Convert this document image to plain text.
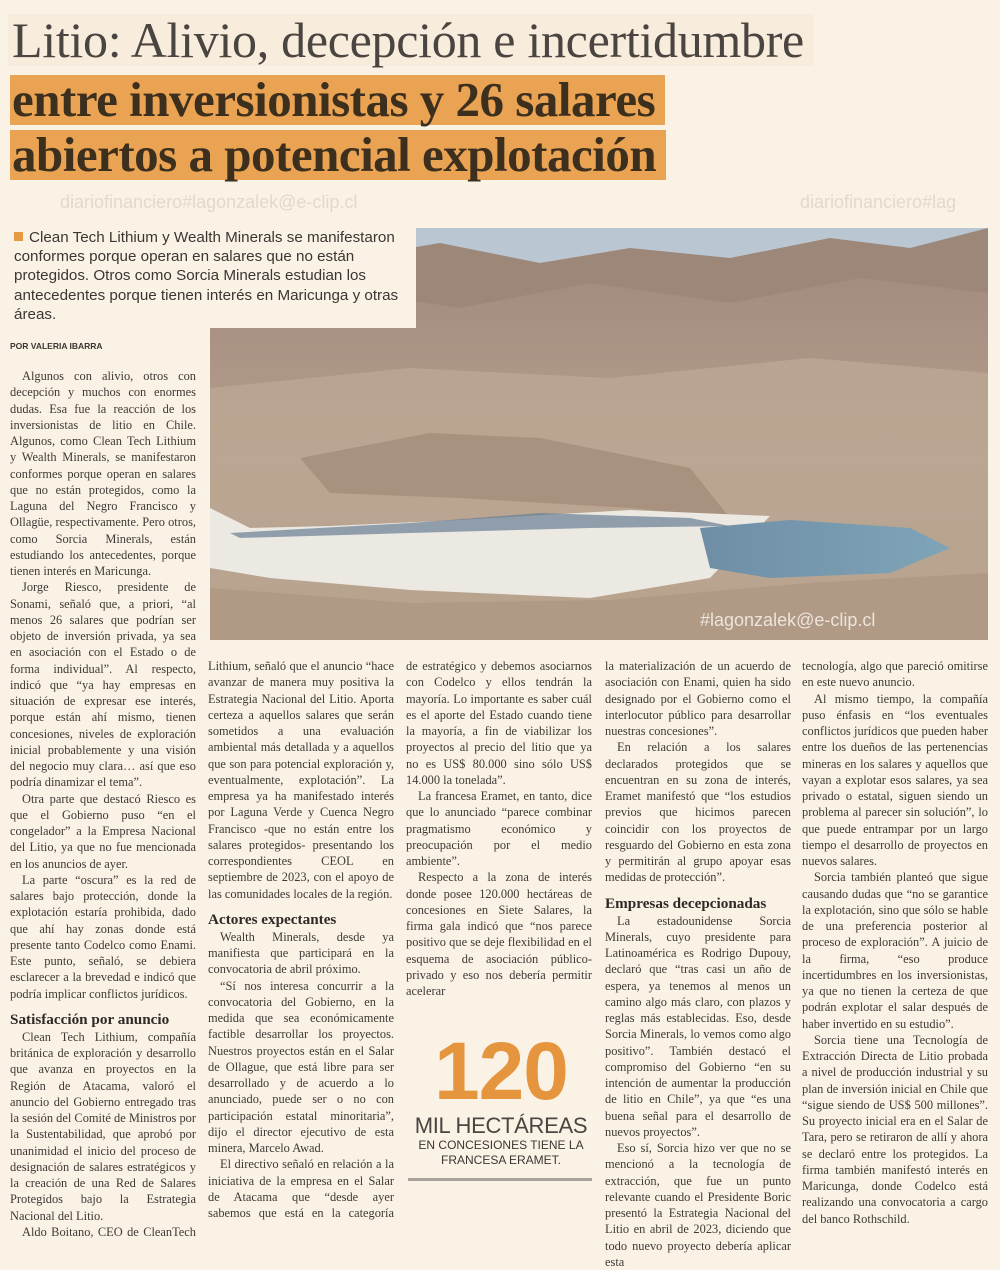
Litio: Alivio, decepción e incertidumbre
entre inversionistas y 26 salares
abiertos a potencial explotación
diariofinanciero#lagonzalek@e-clip.cl	diariofinanciero#lag
#lagonzalek@e-clip.cl
Clean Tech Lithium y Wealth Minerals se manifestaron conformes porque operan en salares que no están protegidos. Otros como Sorcia Minerals estudian los antecedentes porque tienen interés en Maricunga y otras áreas.
POR VALERIA IBARRA

Algunos con alivio, otros con decepción y muchos con enormes dudas. Esa fue la reacción de los inversionistas de litio en Chile. Algunos, como Clean Tech Lithium y Wealth Minerals, se manifestaron conformes porque operan en salares que no están protegidos, como la Laguna del Negro Francisco y Ollagüe, respectivamente. Pero otros, como Sorcia Minerals, están estudiando los antecedentes, porque tienen interés en Maricunga.

Jorge Riesco, presidente de Sonami, señaló que, a priori, “al menos 26 salares que podrían ser objeto de inversión privada, ya sea en asociación con el Estado o de forma individual”. Al respecto, indicó que “ya hay empresas en situación de expresar ese interés, porque están ahí mismo, tienen concesiones, niveles de exploración inicial probablemente y una visión del negocio muy clara… así que eso podría dinamizar el tema”.

Otra parte que destacó Riesco es que el Gobierno puso “en el congelador” a la Empresa Nacional del Litio, ya que no fue mencionada en los anuncios de ayer.

La parte “oscura” es la red de salares bajo protección, donde la explotación estaría prohibida, dado que ahí hay zonas donde está presente tanto Codelco como Enami. Este punto, señaló, se debiera esclarecer a la brevedad e indicó que podría implicar conflictos jurídicos.

Satisfacción por anuncio

Clean Tech Lithium, compañía británica de exploración y desarrollo que avanza en proyectos en la Región de Atacama, valoró el anuncio del Gobierno entregado tras la sesión del Comité de Ministros por la Sustentabilidad, que aprobó por unanimidad el inicio del proceso de designación de salares estratégicos y la creación de una Red de Salares Protegidos bajo la Estrategia Nacional del Litio.

Aldo Boitano, CEO de CleanTech

Lithium, señaló que el anuncio “hace avanzar de manera muy positiva la Estrategia Nacional del Litio. Aporta certeza a aquellos salares que serán sometidos a una evaluación ambiental más detallada y a aquellos que son para potencial exploración y, eventualmente, explotación”. La empresa ya ha manifestado interés por Laguna Verde y Cuenca Negro Francisco -que no están entre los salares protegidos- presentando los correspondientes CEOL en septiembre de 2023, con el apoyo de las comunidades locales de la región.

Actores expectantes

Wealth Minerals, desde ya manifiesta que participará en la convocatoria de abril próximo.

“Sí nos interesa concurrir a la convocatoria del Gobierno, en la medida que sea económicamente factible desarrollar los proyectos. Nuestros proyectos están en el Salar de Ollague, que está libre para ser desarrollado y de acuerdo a lo anunciado, puede ser o no con participación estatal minoritaria”, dijo el director ejecutivo de esta minera, Marcelo Awad.

El directivo señaló en relación a la iniciativa de la empresa en el Salar de Atacama que “desde ayer sabemos que está en la categoría

de estratégico y debemos asociarnos con Codelco y ellos tendrán la mayoría. Lo importante es saber cuál es el aporte del Estado cuando tiene la mayoría, a fin de viabilizar los proyectos al precio del litio que ya no es US$ 80.000 sino sólo US$ 14.000 la tonelada”.

La francesa Eramet, en tanto, dice que lo anunciado “parece combinar pragmatismo económico y preocupación por el medio ambiente”.

Respecto a la zona de interés donde posee 120.000 hectáreas de concesiones en Siete Salares, la firma gala indicó que “nos parece positivo que se deje flexibilidad en el esquema de asociación público-privado y eso nos debería permitir acelerar

120
MIL HECTÁREAS
EN CONCESIONES TIENE LA
FRANCESA ERAMET.

la materialización de un acuerdo de asociación con Enami, quien ha sido designado por el Gobierno como el interlocutor público para desarrollar nuestras concesiones”.

En relación a los salares declarados protegidos que se encuentran en su zona de interés, Eramet manifestó que “los estudios previos que hicimos parecen coincidir con los proyectos de resguardo del Gobierno en esta zona y permitirán al grupo apoyar esas medidas de protección”.

Empresas decepcionadas

La estadounidense Sorcia Minerals, cuyo presidente para Latinoamérica es Rodrigo Dupouy, declaró que “tras casi un año de espera, ya tenemos al menos un camino algo más claro, con plazos y reglas más establecidas. Eso, desde Sorcia Minerals, lo vemos como algo positivo”. También destacó el compromiso del Gobierno “en su intención de aumentar la producción de litio en Chile”, ya que “es una buena señal para el desarrollo de nuevos proyectos”.

Eso sí, Sorcia hizo ver que no se mencionó a la tecnología de extracción, que fue un punto relevante cuando el Presidente Boric presentó la Estrategia Nacional del Litio en abril de 2023, diciendo que todo nuevo proyecto debería aplicar esta

tecnología, algo que pareció omitirse en este nuevo anuncio.

Al mismo tiempo, la compañía puso énfasis en “los eventuales conflictos jurídicos que pueden haber entre los dueños de las pertenencias mineras en los salares y aquellos que vayan a explotar esos salares, ya sea privado o estatal, siguen siendo un problema al parecer sin solución”, lo que puede entrampar por un largo tiempo el desarrollo de proyectos en nuevos salares.

Sorcia también planteó que sigue causando dudas que “no se garantice la explotación, sino que sólo se hable de una preferencia posterior al proceso de exploración”. A juicio de la firma, “eso produce incertidumbres en los inversionistas, ya que no tienen la certeza de que podrán explotar el salar después de haber invertido en su estudio”.

Sorcia tiene una Tecnología de Extracción Directa de Litio probada a nivel de producción industrial y su plan de inversión inicial en Chile que “sigue siendo de US$ 500 millones”. Su proyecto inicial era en el Salar de Tara, pero se retiraron de allí y ahora se declaró entre los protegidos. La firma también manifestó interés en Maricunga, donde Codelco está realizando una convocatoria a cargo del banco Rothschild.
